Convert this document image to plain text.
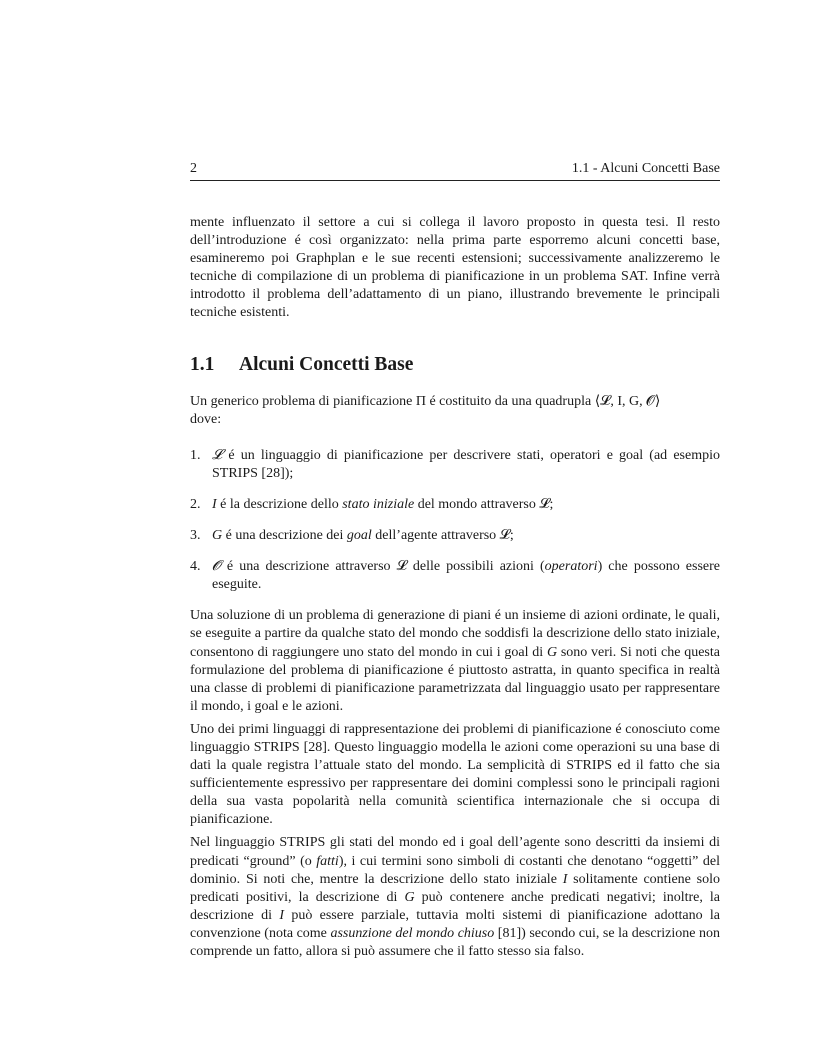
2	1.1 - Alcuni Concetti Base

mente influenzato il settore a cui si collega il lavoro proposto in questa tesi. Il resto dell’introduzione é così organizzato: nella prima parte esporremo alcuni concetti base, esamineremo poi Graphplan e le sue recenti estensioni; successivamente analizzeremo le tecniche di compilazione di un problema di pianificazione in un problema SAT. Infine verrà introdotto il problema dell’adattamento di un piano, illustrando brevemente le principali tecniche esistenti.

1.1 Alcuni Concetti Base

Un generico problema di pianificazione Π é costituito da una quadrupla ⟨𝓛, I, G, 𝓞⟩
dove:

1. 𝓛 é un linguaggio di pianificazione per descrivere stati, operatori e goal (ad esempio STRIPS [28]);
2. I é la descrizione dello stato iniziale del mondo attraverso 𝓛;
3. G é una descrizione dei goal dell’agente attraverso 𝓛;
4. 𝓞 é una descrizione attraverso 𝓛 delle possibili azioni (operatori) che possono essere eseguite.

Una soluzione di un problema di generazione di piani é un insieme di azioni ordinate, le quali, se eseguite a partire da qualche stato del mondo che soddisfi la descrizione dello stato iniziale, consentono di raggiungere uno stato del mondo in cui i goal di G sono veri. Si noti che questa formulazione del problema di pianificazione é piuttosto astratta, in quanto specifica in realtà una classe di problemi di pianificazione parametrizzata dal linguaggio usato per rappresentare il mondo, i goal e le azioni.

Uno dei primi linguaggi di rappresentazione dei problemi di pianificazione é conosciuto come linguaggio STRIPS [28]. Questo linguaggio modella le azioni come operazioni su una base di dati la quale registra l’attuale stato del mondo. La semplicità di STRIPS ed il fatto che sia sufficientemente espressivo per rappresentare dei domini complessi sono le principali ragioni della sua vasta popolarità nella comunità scientifica internazionale che si occupa di pianificazione.

Nel linguaggio STRIPS gli stati del mondo ed i goal dell’agente sono descritti da insiemi di predicati “ground” (o fatti), i cui termini sono simboli di costanti che denotano “oggetti” del dominio. Si noti che, mentre la descrizione dello stato iniziale I solitamente contiene solo predicati positivi, la descrizione di G può contenere anche predicati negativi; inoltre, la descrizione di I può essere parziale, tuttavia molti sistemi di pianificazione adottano la convenzione (nota come assunzione del mondo chiuso [81]) secondo cui, se la descrizione non comprende un fatto, allora si può assumere che il fatto stesso sia falso.
